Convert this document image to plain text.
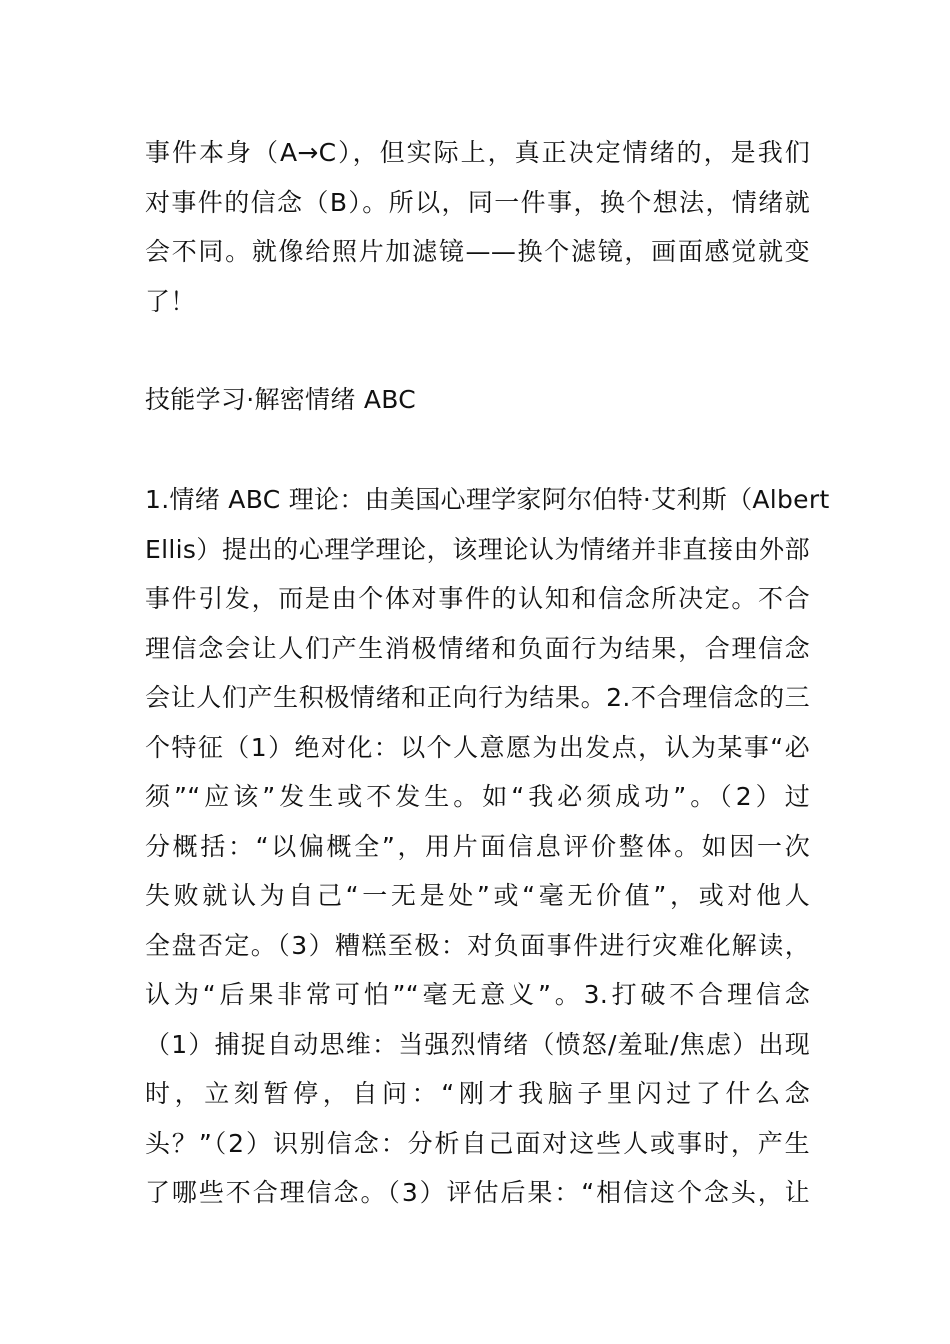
事件本身（A→C），但实际上，真正决定情绪的，是我们
对事件的信念（B）。所以，同一件事，换个想法，情绪就
会不同。就像给照片加滤镜——换个滤镜，画面感觉就变
了！
技能学习·解密情绪 ABC
1.情绪 ABC 理论：由美国心理学家阿尔伯特·艾利斯（Albert
Ellis）提出的心理学理论，该理论认为情绪并非直接由外部
事件引发，而是由个体对事件的认知和信念所决定。不合
理信念会让人们产生消极情绪和负面行为结果，合理信念
会让人们产生积极情绪和正向行为结果。2.不合理信念的三
个特征（1）绝对化：以个人意愿为出发点，认为某事“必
须”“应该”发生或不发生。如“我必须成功”。（2）过
分概括：“以偏概全”，用片面信息评价整体。如因一次
失败就认为自己“一无是处”或“毫无价值”，或对他人
全盘否定。（3）糟糕至极：对负面事件进行灾难化解读，
认为“后果非常可怕”“毫无意义”。3.打破不合理信念
（1）捕捉自动思维：当强烈情绪（愤怒/羞耻/焦虑）出现
时，立刻暂停，自问：“刚才我脑子里闪过了什么念
头？”（2）识别信念：分析自己面对这些人或事时，产生
了哪些不合理信念。（3）评估后果：“相信这个念头，让
